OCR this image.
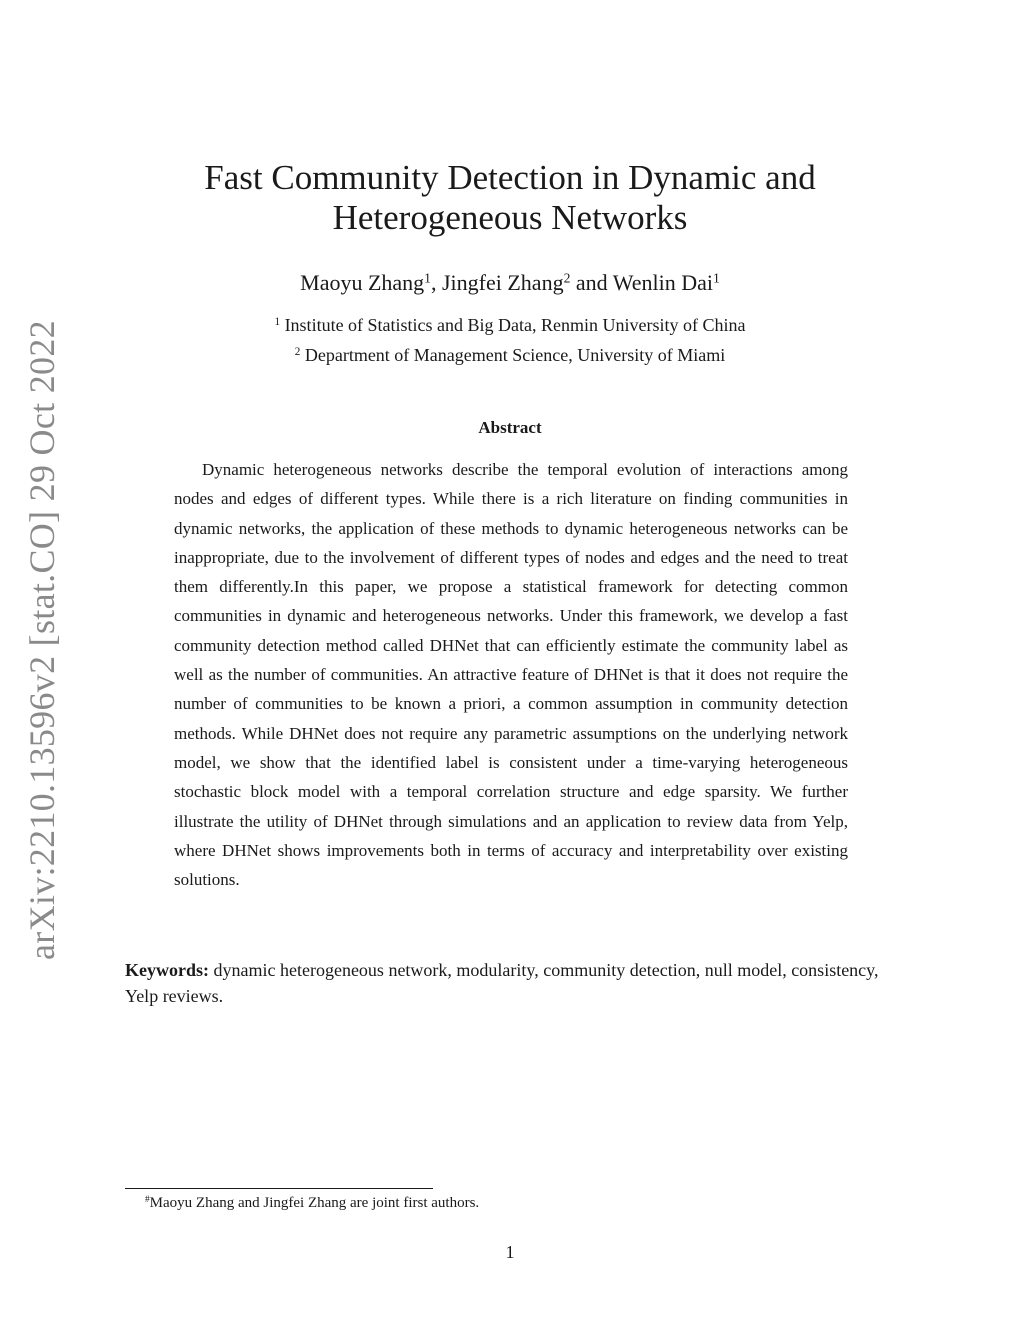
arXiv:2210.13596v2 [stat.CO] 29 Oct 2022
Fast Community Detection in Dynamic and Heterogeneous Networks
Maoyu Zhang$^1$, Jingfei Zhang$^2$ and Wenlin Dai$^1$
$^1$ Institute of Statistics and Big Data, Renmin University of China
$^2$ Department of Management Science, University of Miami
Abstract

Dynamic heterogeneous networks describe the temporal evolution of interactions among nodes and edges of different types. While there is a rich literature on finding communities in dynamic networks, the application of these methods to dynamic heterogeneous networks can be inappropriate, due to the involvement of different types of nodes and edges and the need to treat them differently.In this paper, we propose a statistical framework for detecting common communities in dynamic and heterogeneous networks. Under this framework, we develop a fast community detection method called DHNet that can efficiently estimate the community label as well as the number of communities. An attractive feature of DHNet is that it does not require the number of communities to be known a priori, a common assumption in community detection methods. While DHNet does not require any parametric assumptions on the underlying network model, we show that the identified label is consistent under a time-varying heterogeneous stochastic block model with a temporal correlation structure and edge sparsity. We further illustrate the utility of DHNet through simulations and an application to review data from Yelp, where DHNet shows improvements both in terms of accuracy and interpretability over existing solutions.

Keywords: dynamic heterogeneous network, modularity, community detection, null model, consistency, Yelp reviews.

#Maoyu Zhang and Jingfei Zhang are joint first authors.
1
